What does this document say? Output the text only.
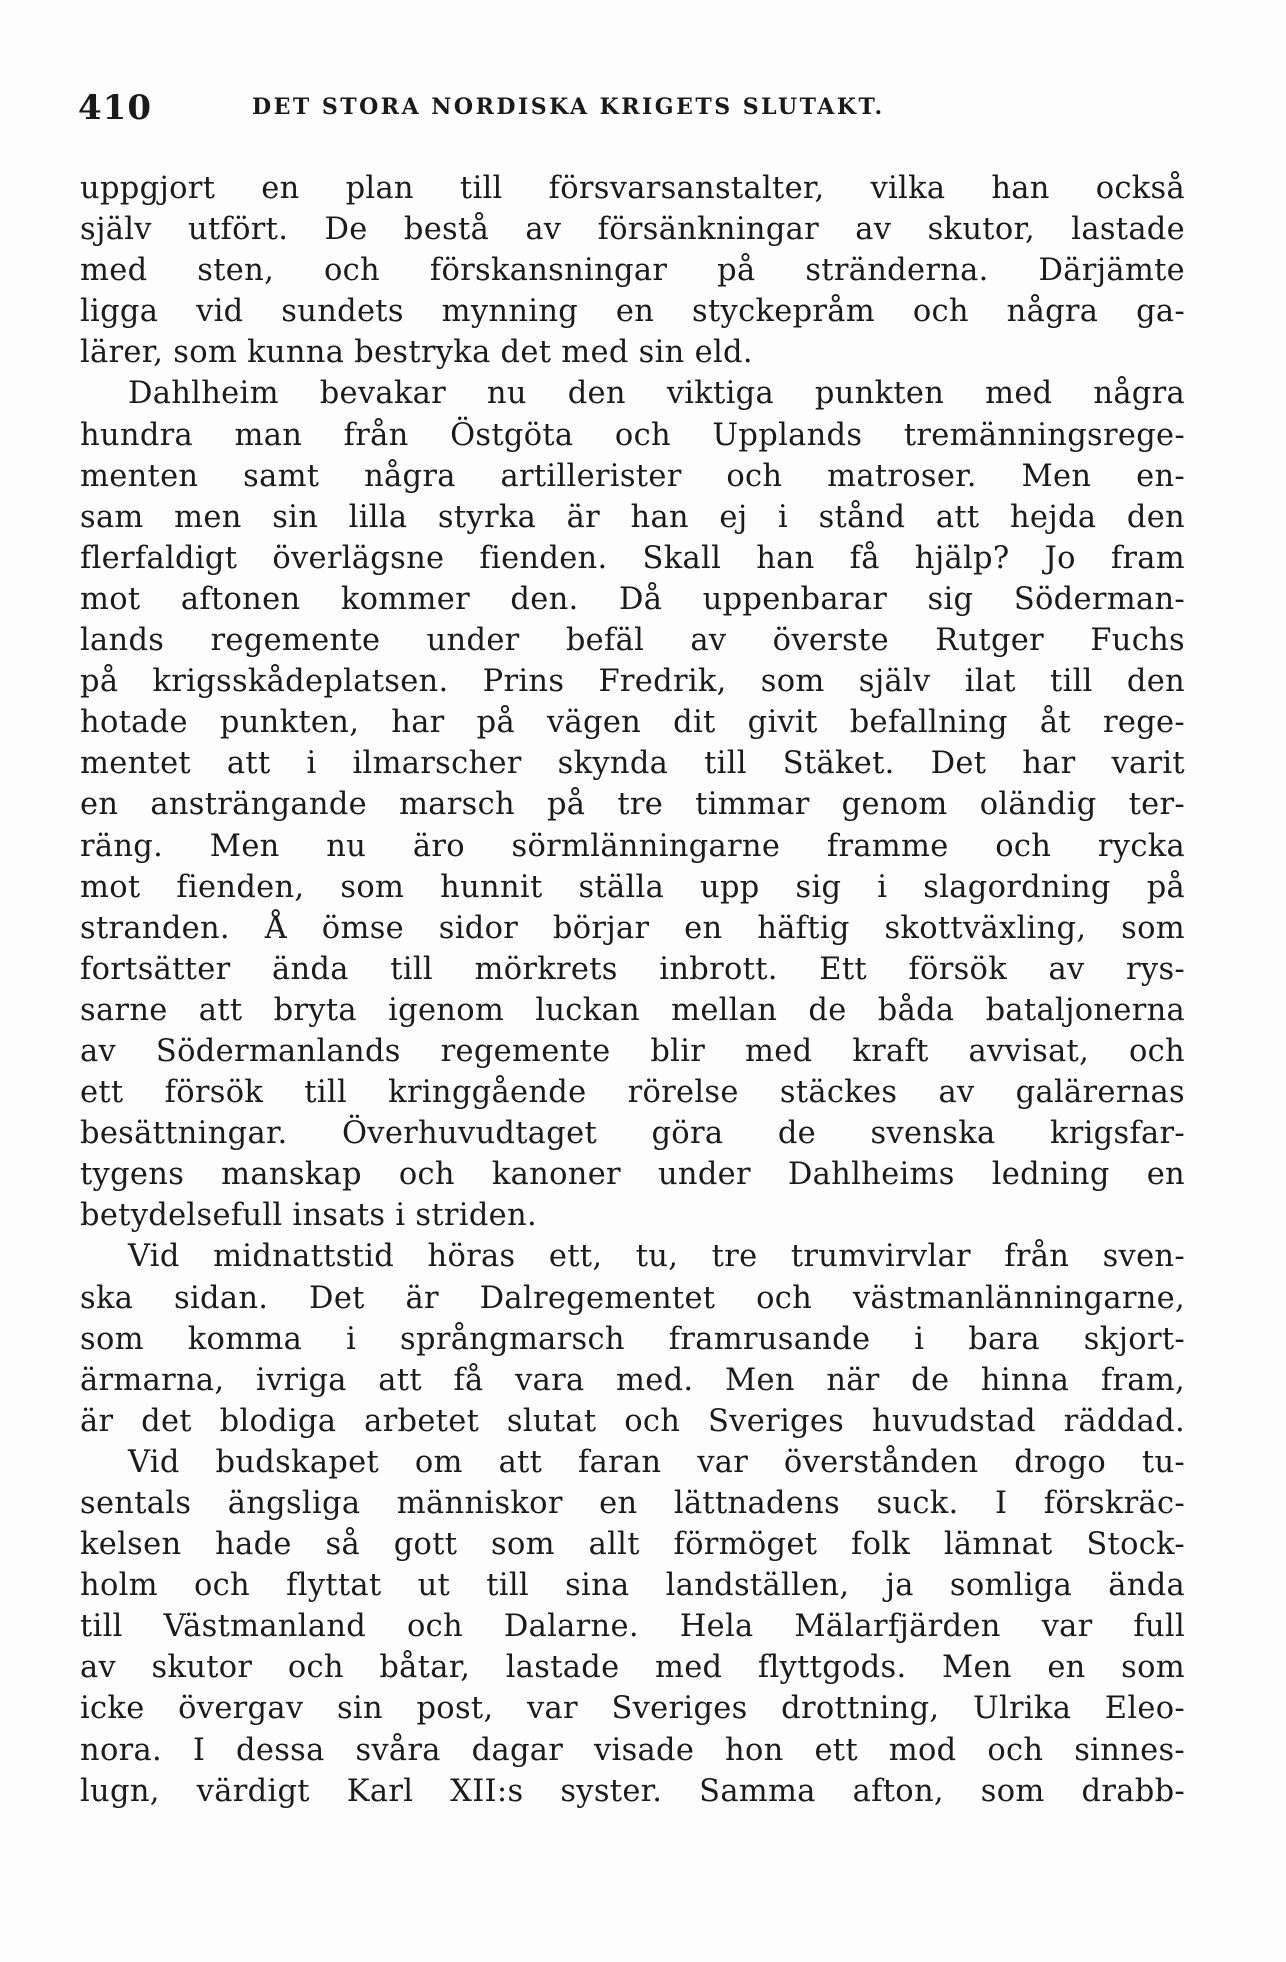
410	DET STORA NORDISKA KRIGETS SLUTAKT.
uppgjort en plan till försvarsanstalter, vilka han också
själv utfört. De bestå av försänkningar av skutor, lastade
med sten, och förskansningar på stränderna. Därjämte
ligga vid sundets mynning en styckepråm och några ga-
lärer, som kunna bestryka det med sin eld.
Dahlheim bevakar nu den viktiga punkten med några
hundra man från Östgöta och Upplands tremänningsrege-
menten samt några artillerister och matroser. Men en-
sam men sin lilla styrka är han ej i stånd att hejda den
flerfaldigt överlägsne fienden. Skall han få hjälp? Jo fram
mot aftonen kommer den. Då uppenbarar sig Söderman-
lands regemente under befäl av överste Rutger Fuchs
på krigsskådeplatsen. Prins Fredrik, som själv ilat till den
hotade punkten, har på vägen dit givit befallning åt rege-
mentet att i ilmarscher skynda till Stäket. Det har varit
en ansträngande marsch på tre timmar genom oländig ter-
räng. Men nu äro sörmlänningarne framme och rycka
mot fienden, som hunnit ställa upp sig i slagordning på
stranden. Å ömse sidor börjar en häftig skottväxling, som
fortsätter ända till mörkrets inbrott. Ett försök av rys-
sarne att bryta igenom luckan mellan de båda bataljonerna
av Södermanlands regemente blir med kraft avvisat, och
ett försök till kringgående rörelse stäckes av galärernas
besättningar. Överhuvudtaget göra de svenska krigsfar-
tygens manskap och kanoner under Dahlheims ledning en
betydelsefull insats i striden.
Vid midnattstid höras ett, tu, tre trumvirvlar från sven-
ska sidan. Det är Dalregementet och västmanlänningarne,
som komma i språngmarsch framrusande i bara skjort-
ärmarna, ivriga att få vara med. Men när de hinna fram,
är det blodiga arbetet slutat och Sveriges huvudstad räddad.
Vid budskapet om att faran var överstånden drogo tu-
sentals ängsliga människor en lättnadens suck. I förskräc-
kelsen hade så gott som allt förmöget folk lämnat Stock-
holm och flyttat ut till sina landställen, ja somliga ända
till Västmanland och Dalarne. Hela Mälarfjärden var full
av skutor och båtar, lastade med flyttgods. Men en som
icke övergav sin post, var Sveriges drottning, Ulrika Eleo-
nora. I dessa svåra dagar visade hon ett mod och sinnes-
lugn, värdigt Karl XII:s syster. Samma afton, som drabb-
